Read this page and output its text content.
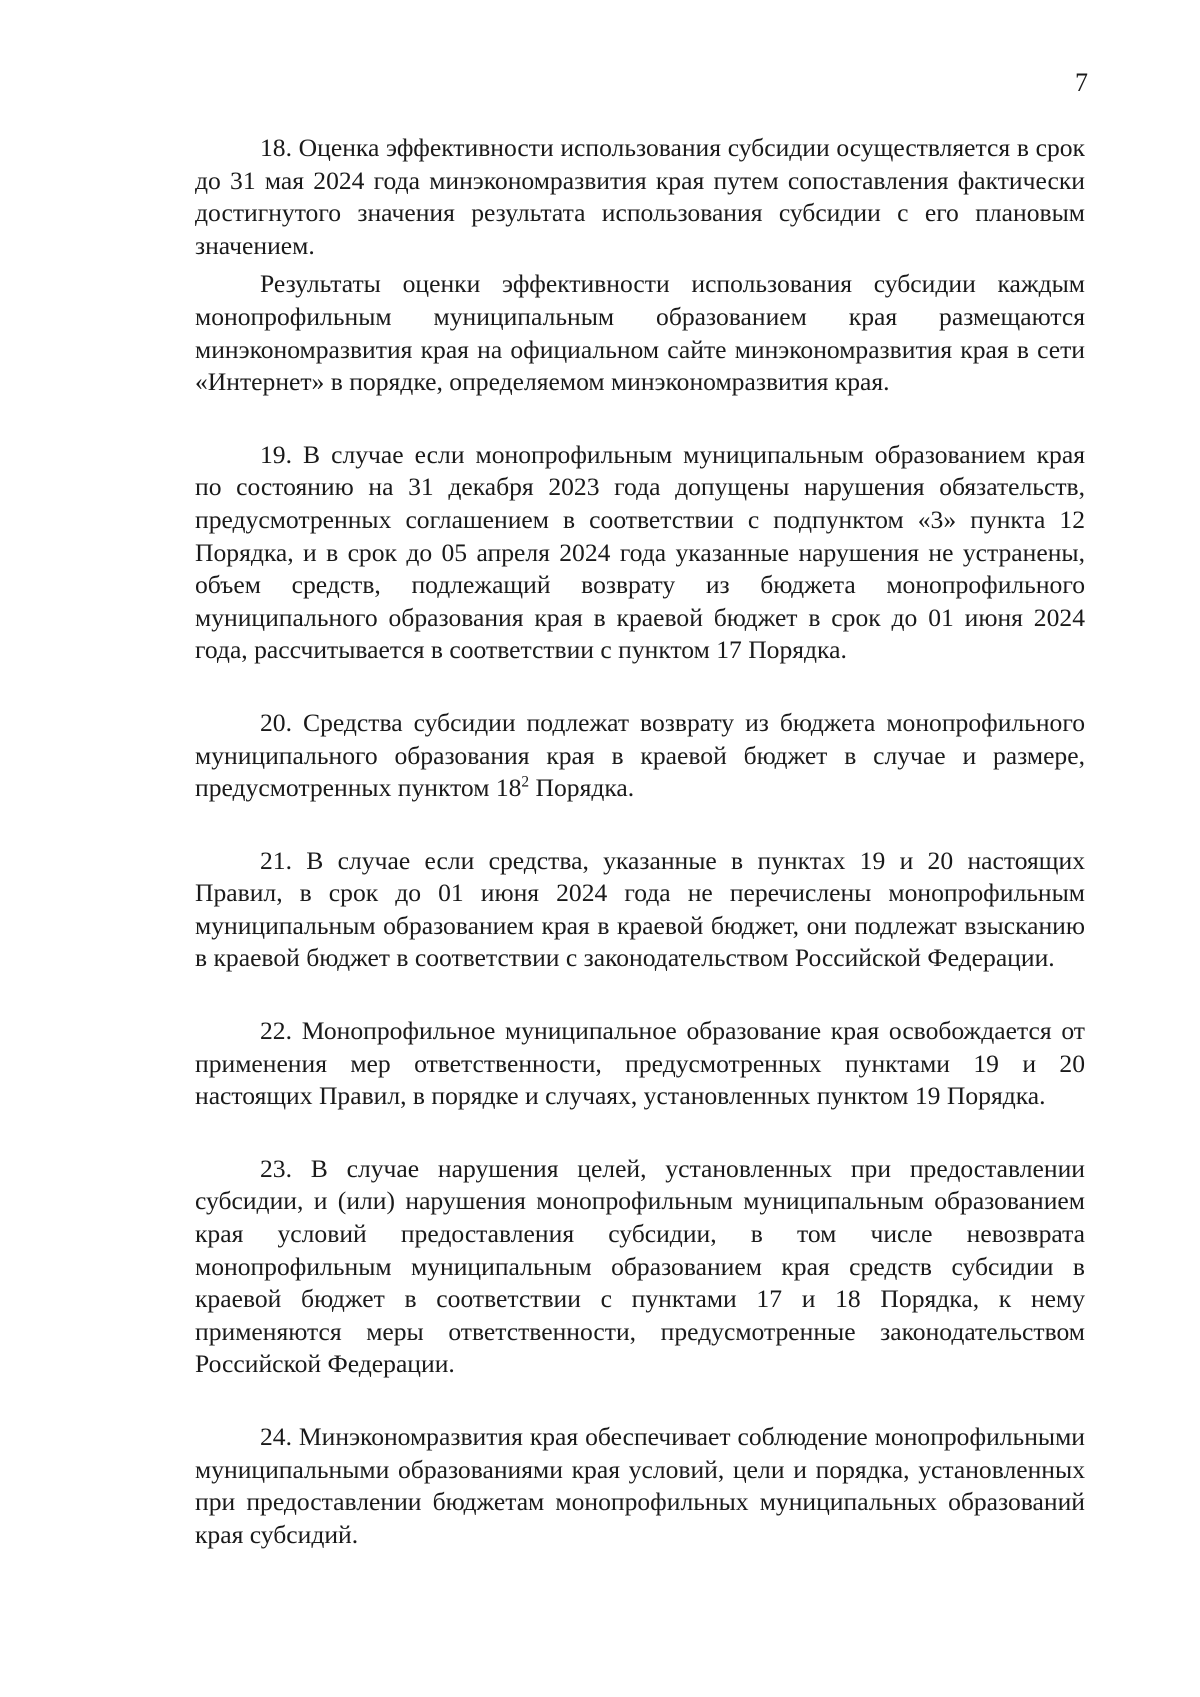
7

18. Оценка эффективности использования субсидии осуществляется в срок до 31 мая 2024 года минэкономразвития края путем сопоставления фактически достигнутого значения результата использования субсидии с его плановым значением.

Результаты оценки эффективности использования субсидии каждым монопрофильным муниципальным образованием края размещаются минэкономразвития края на официальном сайте минэкономразвития края в сети «Интернет» в порядке, определяемом минэкономразвития края.

19. В случае если монопрофильным муниципальным образованием края по состоянию на 31 декабря 2023 года допущены нарушения обязательств, предусмотренных соглашением в соответствии с подпунктом «3» пункта 12 Порядка, и в срок до 05 апреля 2024 года указанные нарушения не устранены, объем средств, подлежащий возврату из бюджета монопрофильного муниципального образования края в краевой бюджет в срок до 01 июня 2024 года, рассчитывается в соответствии с пунктом 17 Порядка.

20. Средства субсидии подлежат возврату из бюджета монопрофильного муниципального образования края в краевой бюджет в случае и размере, предусмотренных пунктом $18^2$ Порядка.

21. В случае если средства, указанные в пунктах 19 и 20 настоящих Правил, в срок до 01 июня 2024 года не перечислены монопрофильным муниципальным образованием края в краевой бюджет, они подлежат взысканию в краевой бюджет в соответствии с законодательством Российской Федерации.

22. Монопрофильное муниципальное образование края освобождается от применения мер ответственности, предусмотренных пунктами 19 и 20 настоящих Правил, в порядке и случаях, установленных пунктом 19 Порядка.

23. В случае нарушения целей, установленных при предоставлении субсидии, и (или) нарушения монопрофильным муниципальным образованием края условий предоставления субсидии, в том числе невозврата монопрофильным муниципальным образованием края средств субсидии в краевой бюджет в соответствии с пунктами 17 и 18 Порядка, к нему применяются меры ответственности, предусмотренные законодательством Российской Федерации.

24. Минэкономразвития края обеспечивает соблюдение монопрофильными муниципальными образованиями края условий, цели и порядка, установленных при предоставлении бюджетам монопрофильных муниципальных образований края субсидий.
